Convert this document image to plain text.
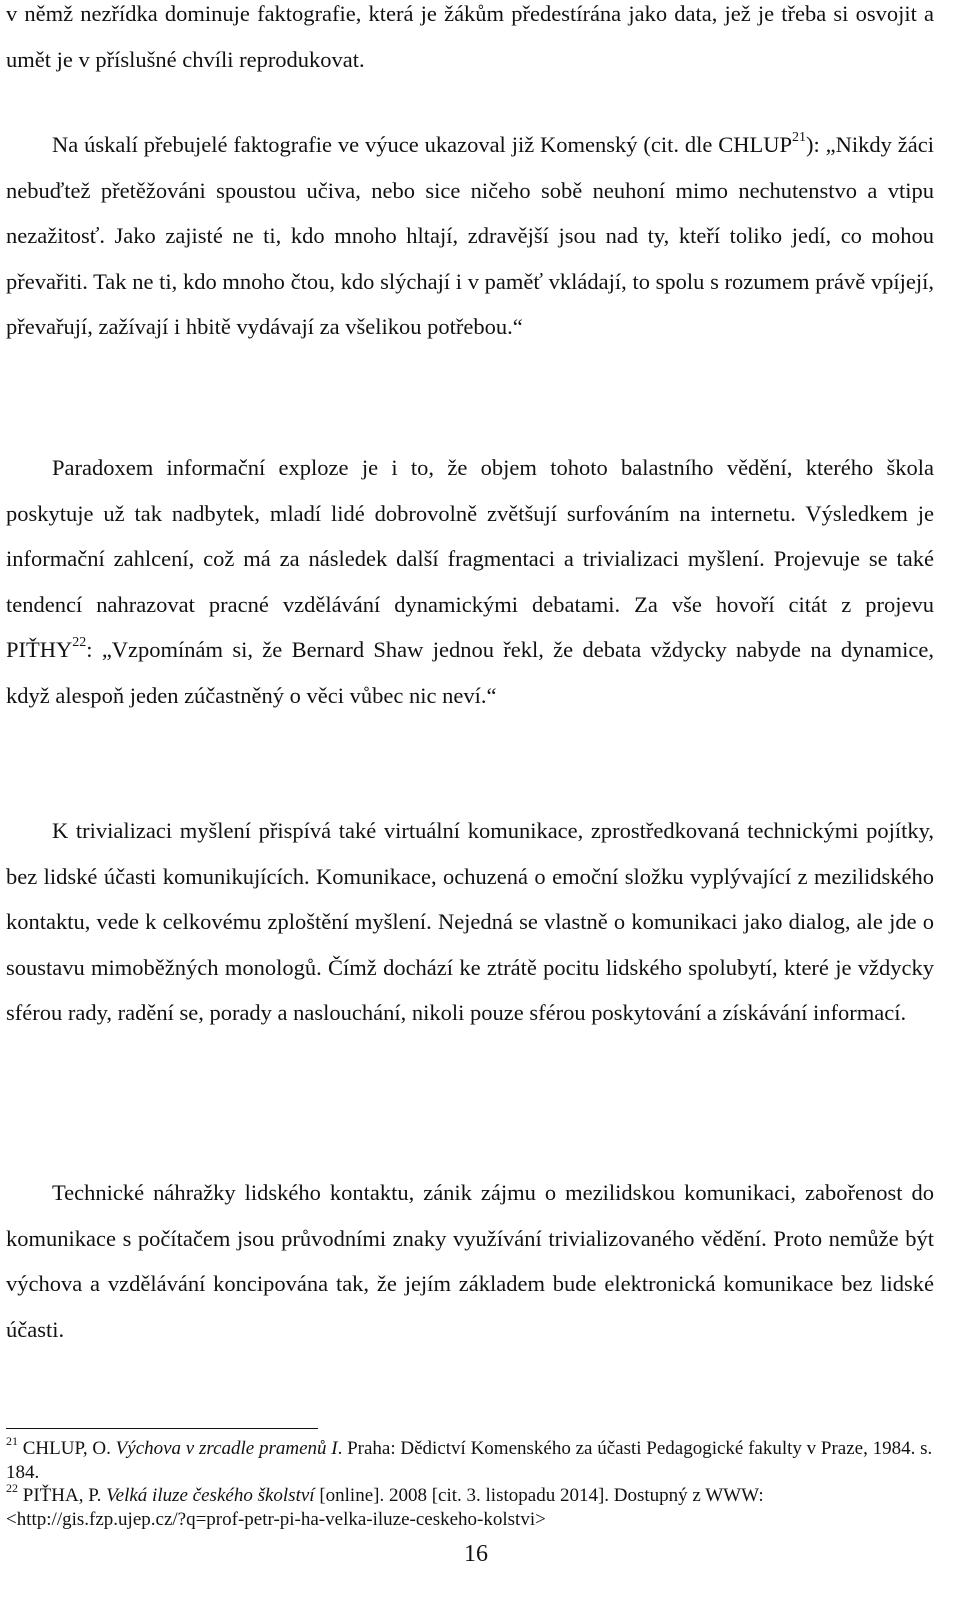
v němž nezřídka dominuje faktografie, která je žákům předestírána jako data, jež je třeba si osvojit a umět je v příslušné chvíli reprodukovat.

Na úskalí přebujelé faktografie ve výuce ukazoval již Komenský (cit. dle CHLUP$^{21}$): „Nikdy žáci nebuďtež přetěžováni spoustou učiva, nebo sice ničeho sobě neuhoní mimo nechutenstvo a vtipu nezažitosť. Jako zajisté ne ti, kdo mnoho hltají, zdravější jsou nad ty, kteří toliko jedí, co mohou převařiti. Tak ne ti, kdo mnoho čtou, kdo slýchají i v paměť vkládají, to spolu s rozumem právě vpíjejí, převařují, zažívají i hbitě vydávají za všelikou potřebou.“

Paradoxem informační exploze je i to, že objem tohoto balastního vědění, kterého škola poskytuje už tak nadbytek, mladí lidé dobrovolně zvětšují surfováním na internetu. Výsledkem je informační zahlcení, což má za následek další fragmentaci a trivializaci myšlení. Projevuje se také tendencí nahrazovat pracné vzdělávání dynamickými debatami. Za vše hovoří citát z projevu PIŤHY$^{22}$: „Vzpomínám si, že Bernard Shaw jednou řekl, že debata vždycky nabyde na dynamice, když alespoň jeden zúčastněný o věci vůbec nic neví.“

K trivializaci myšlení přispívá také virtuální komunikace, zprostředkovaná technickými pojítky, bez lidské účasti komunikujících. Komunikace, ochuzená o emoční složku vyplývající z mezilidského kontaktu, vede k celkovému zploštění myšlení. Nejedná se vlastně o komunikaci jako dialog, ale jde o soustavu mimoběžných monologů. Čímž dochází ke ztrátě pocitu lidského spolubytí, které je vždycky sférou rady, radění se, porady a naslouchání, nikoli pouze sférou poskytování a získávání informací.

Technické náhražky lidského kontaktu, zánik zájmu o mezilidskou komunikaci, zabořenost do komunikace s počítačem jsou průvodními znaky využívání trivializovaného vědění. Proto nemůže být výchova a vzdělávání koncipována tak, že jejím základem bude elektronická komunikace bez lidské účasti.

$^{21}$ CHLUP, O. Výchova v zrcadle pramenů I. Praha: Dědictví Komenského za účasti Pedagogické fakulty v Praze, 1984. s. 184.

$^{22}$ PIŤHA, P. Velká iluze českého školství [online]. 2008 [cit. 3. listopadu 2014]. Dostupný z WWW: <http://gis.fzp.ujep.cz/?q=prof-petr-pi-ha-velka-iluze-ceskeho-kolstvi>

16
